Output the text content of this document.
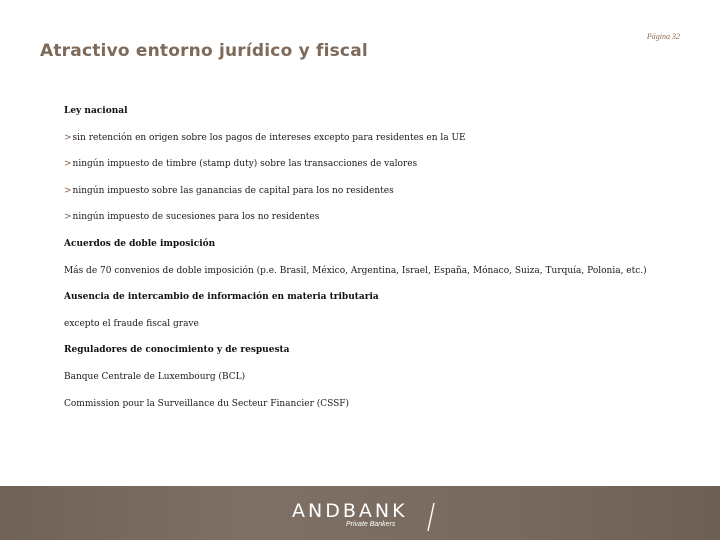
Página 32
Atractivo entorno jurídico y fiscal
Ley nacional
>sin retención en origen sobre los pagos de intereses excepto para residentes en la UE
>ningún impuesto de timbre (stamp duty) sobre las transacciones de valores
>ningún impuesto sobre las ganancias de capital para los no residentes
>ningún impuesto de sucesiones para los no residentes
Acuerdos de doble imposición
Más de 70 convenios de doble imposición (p.e. Brasil, México, Argentina, Israel, España, Mónaco, Suiza, Turquía, Polonia, etc.)
Ausencia de intercambio de información en materia tributaria
excepto el fraude fiscal grave
Reguladores de conocimiento y de respuesta
Banque Centrale de Luxembourg (BCL)
Commission pour la Surveillance du Secteur Financier (CSSF)
ANDBANK
Private Bankers
